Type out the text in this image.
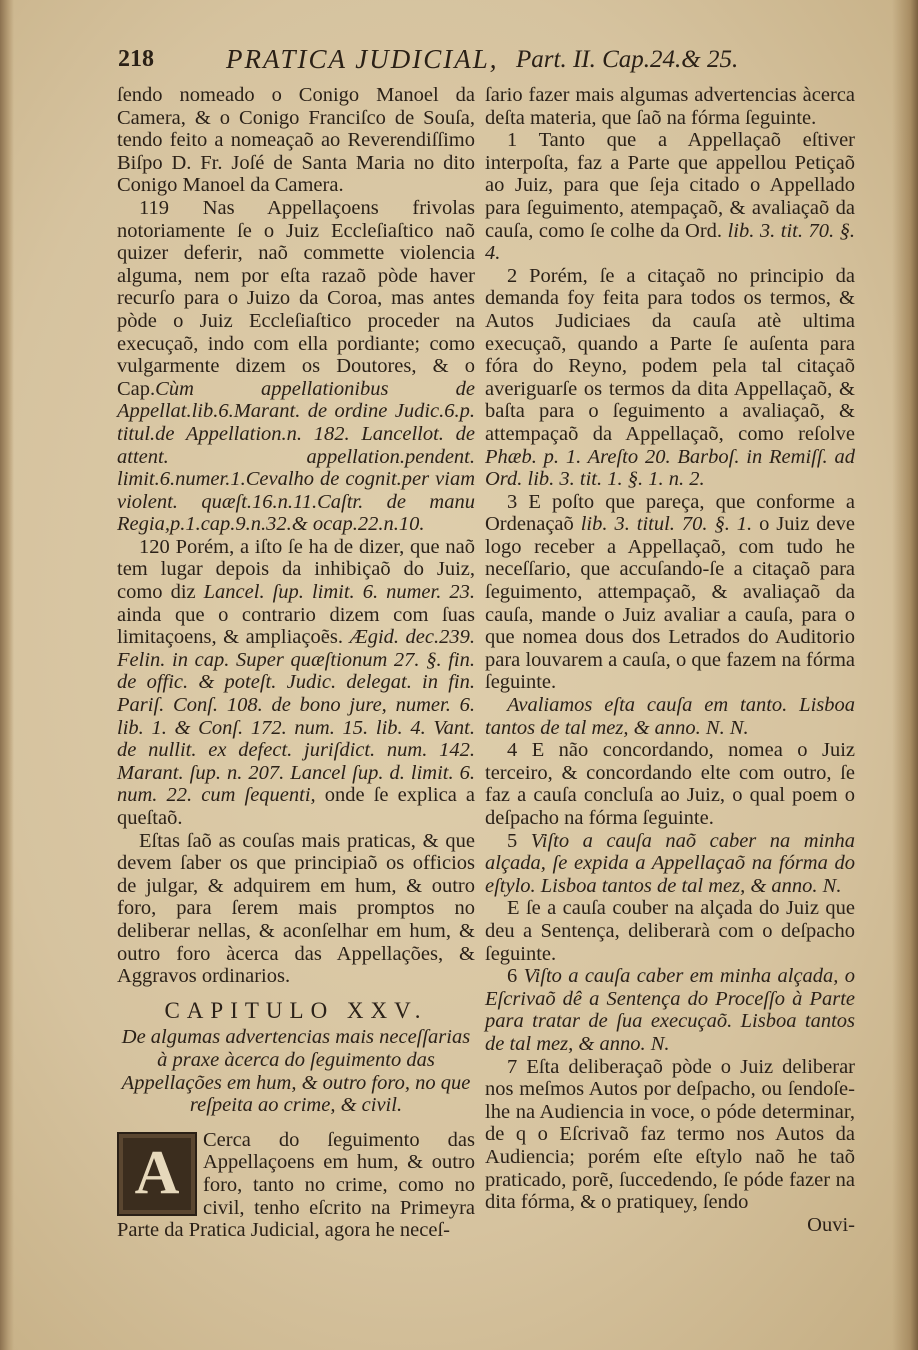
218	PRATICA JUDICIAL, Part. II. Cap.24.& 25.

ſendo nomeado o Conigo Manoel da Camera, & o Conigo Franciſco de Souſa, tendo feito a nomeaçaõ ao Reverendiſſimo Biſpo D. Fr. Joſé de Santa Maria no dito Conigo Manoel da Camera.

119 Nas Appellaçoens frivolas notoriamente ſe o Juiz Eccleſiaſtico naõ quizer deferir, naõ commette violencia alguma, nem por eſta razaõ pòde haver recurſo para o Juizo da Coroa, mas antes pòde o Juiz Eccleſiaſtico proceder na execuçaõ, indo com ella pordiante; como vulgarmente dizem os Doutores, & o Cap.Cùm appellationibus de Appellat.lib.6.Marant. de ordine Judic.6.p. titul.de Appellation.n. 182. Lancellot. de attent. appellation.pendent. limit.6.numer.1.Cevalho de cognit.per viam violent. quæſt.16.n.11.Caſtr. de manu Regia,p.1.cap.9.n.32.& ocap.22.n.10.

120 Porém, a iſto ſe ha de dizer, que naõ tem lugar depois da inhibiçaõ do Juiz, como diz Lancel. ſup. limit. 6. numer. 23. ainda que o contrario dizem com ſuas limitaçoens, & ampliaçoẽs. Ægid. dec.239. Felin. in cap. Super quæſtionum 27. §. fin. de offic. & poteſt. Judic. delegat. in fin. Pariſ. Conſ. 108. de bono jure, numer. 6. lib. 1. & Conſ. 172. num. 15. lib. 4. Vant. de nullit. ex defect. juriſdict. num. 142. Marant. ſup. n. 207. Lancel ſup. d. limit. 6. num. 22. cum ſequenti, onde ſe explica a queſtaõ.

Eſtas ſaõ as couſas mais praticas, & que devem ſaber os que principiaõ os officios de julgar, & adquirem em hum, & outro foro, para ſerem mais promptos no deliberar nellas, & aconſelhar em hum, & outro foro àcerca das Appellações, & Aggravos ordinarios.

CAPITULO XXV.

De algumas advertencias mais neceſſarias à praxe àcerca do ſeguimento das Appellações em hum, & outro foro, no que reſpeita ao crime, & civil.

A	Cerca do ſeguimento das Appellaçoens em hum, & outro foro, tanto no crime, como no civil, tenho eſcrito na Primeyra Parte da Pratica Judicial, agora he neceſ-

ſario fazer mais algumas advertencias àcerca deſta materia, que ſaõ na fórma ſeguinte.

1 Tanto que a Appellaçaõ eſtiver interpoſta, faz a Parte que appellou Petiçaõ ao Juiz, para que ſeja citado o Appellado para ſeguimento, atempaçaõ, & avaliaçaõ da cauſa, como ſe colhe da Ord. lib. 3. tit. 70. §. 4.

2 Porém, ſe a citaçaõ no principio da demanda foy feita para todos os termos, & Autos Judiciaes da cauſa atè ultima execuçaõ, quando a Parte ſe auſenta para fóra do Reyno, podem pela tal citaçaõ averiguarſe os termos da dita Appellaçaõ, & baſta para o ſeguimento a avaliaçaõ, & attempaçaõ da Appellaçaõ, como reſolve Phæb. p. 1. Areſto 20. Barboſ. in Remiſſ. ad Ord. lib. 3. tit. 1. §. 1. n. 2.

3 E poſto que pareça, que conforme a Ordenaçaõ lib. 3. titul. 70. §. 1. o Juiz deve logo receber a Appellaçaõ, com tudo he neceſſario, que accuſando-ſe a citaçaõ para ſeguimento, attempaçaõ, & avaliaçaõ da cauſa, mande o Juiz avaliar a cauſa, para o que nomea dous dos Letrados do Auditorio para louvarem a cauſa, o que fazem na fórma ſeguinte.

Avaliamos eſta cauſa em tanto. Lisboa tantos de tal mez, & anno. N. N.

4 E não concordando, nomea o Juiz terceiro, & concordando elte com outro, ſe faz a cauſa concluſa ao Juiz, o qual poem o deſpacho na fórma ſeguinte.

5 Viſto a cauſa naõ caber na minha alçada, ſe expida a Appellaçaõ na fórma do eſtylo. Lisboa tantos de tal mez, & anno. N.

E ſe a cauſa couber na alçada do Juiz que deu a Sentença, deliberarà com o deſpacho ſeguinte.

6 Viſto a cauſa caber em minha alçada, o Eſcrivaõ dê a Sentença do Proceſſo à Parte para tratar de ſua execuçaõ. Lisboa tantos de tal mez, & anno. N.

7 Eſta deliberaçaõ pòde o Juiz deliberar nos meſmos Autos por deſpacho, ou ſendoſe-lhe na Audiencia in voce, o póde determinar, de q o Eſcrivaõ faz termo nos Autos da Audiencia; porém eſte eſtylo naõ he taõ praticado, porẽ, ſuccedendo, ſe póde fazer na dita fórma, & o pratiquey, ſendo

Ouvi-
